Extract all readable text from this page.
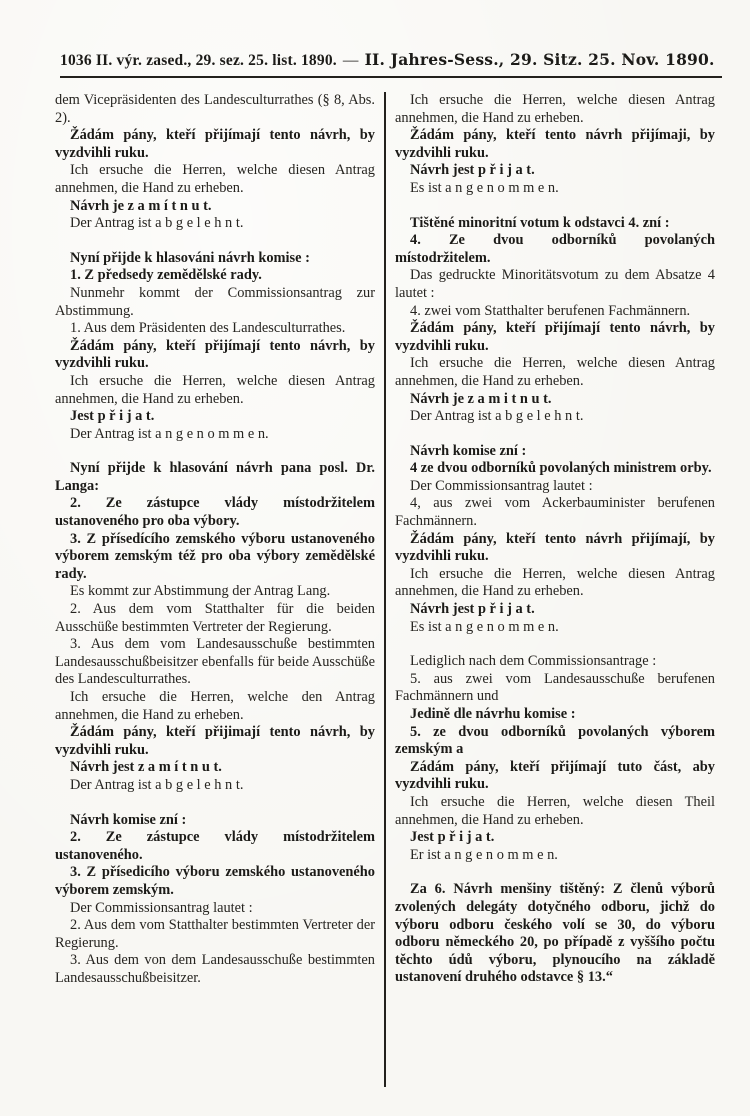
1036 II. výr. zased., 29. sez. 25. list. 1890. — II. Jahres-Sess., 29. Sitz. 25. Nov. 1890.

dem Vicepräsidenten des Landesculturrathes (§ 8, Abs. 2).

Žádám pány, kteří přijímají tento návrh, by vyzdvihli ruku.

Ich ersuche die Herren, welche diesen Antrag annehmen, die Hand zu erheben.

Návrh je z a m í t n u t.

Der Antrag ist a b g e l e h n t.

Nyní přijde k hlasováni návrh komise :

1. Z předsedy zemědělské rady.

Nunmehr kommt der Commissionsantrag zur Abstimmung.

1. Aus dem Präsidenten des Landesculturrathes.

Žádám pány, kteří přijímají tento návrh, by vyzdvihli ruku.

Ich ersuche die Herren, welche diesen Antrag annehmen, die Hand zu erheben.

Jest p ř i j a t.

Der Antrag ist a n g e n o m m e n.

Nyní přijde k hlasování návrh pana posl. Dr. Langa:

2. Ze zástupce vlády místodržitelem ustanoveného pro oba výbory.

3. Z přísedícího zemského výboru ustanoveného výborem zemským též pro oba výbory zemědělské rady.

Es kommt zur Abstimmung der Antrag Lang.

2. Aus dem vom Statthalter für die beiden Ausschüße bestimmten Vertreter der Regierung.

3. Aus dem vom Landesausschuße bestimmten Landesausschußbeisitzer ebenfalls für beide Ausschüße des Landesculturrathes.

Ich ersuche die Herren, welche den Antrag annehmen, die Hand zu erheben.

Žádám pány, kteří přijimají tento návrh, by vyzdvihli ruku.

Návrh jest z a m í t n u t.

Der Antrag ist a b g e l e h n t.

Návrh komise zní :

2. Ze zástupce vlády místodržitelem ustanoveného.

3. Z přísedicího výboru zemského ustanoveného výborem zemským.

Der Commissionsantrag lautet :

2. Aus dem vom Statthalter bestimmten Vertreter der Regierung.

3. Aus dem von dem Landesausschuße bestimmten Landesausschußbeisitzer.

Ich ersuche die Herren, welche diesen Antrag annehmen, die Hand zu erheben.

Žádám pány, kteří tento návrh přijímaji, by vyzdvihli ruku.

Návrh jest p ř i j a t.

Es ist a n g e n o m m e n.

Tištěné minoritní votum k odstavci 4. zní :

4. Ze dvou odborníků povolaných místodržitelem.

Das gedruckte Minoritätsvotum zu dem Absatze 4 lautet :

4. zwei vom Statthalter berufenen Fachmännern.

Žádám pány, kteří přijímají tento návrh, by vyzdvihli ruku.

Ich ersuche die Herren, welche diesen Antrag annehmen, die Hand zu erheben.

Návrh je z a m i t n u t.

Der Antrag ist a b g e l e h n t.

Návrh komise zní :

4 ze dvou odborníků povolaných ministrem orby.

Der Commissionsantrag lautet :

4, aus zwei vom Ackerbauminister berufenen Fachmännern.

Žádám pány, kteří tento návrh přijímají, by vyzdvihli ruku.

Ich ersuche die Herren, welche diesen Antrag annehmen, die Hand zu erheben.

Návrh jest p ř i j a t.

Es ist a n g e n o m m e n.

Lediglich nach dem Commissionsantrage :

5. aus zwei vom Landesausschuße berufenen Fachmännern und

Jedině dle návrhu komise :

5. ze dvou odborníků povolaných výborem zemským a

Zádám pány, kteří přijímají tuto část, aby vyzdvihli ruku.

Ich ersuche die Herren, welche diesen Theil annehmen, die Hand zu erheben.

Jest p ř i j a t.

Er ist a n g e n o m m e n.

Za 6. Návrh menšiny tištěný: Z členů výborů zvolených delegáty dotyčného odboru, jichž do výboru odboru českého volí se 30, do výboru odboru německého 20, po případě z vyššího počtu těchto údů výboru, plynoucího na základě ustanovení druhého odstavce § 13.“
